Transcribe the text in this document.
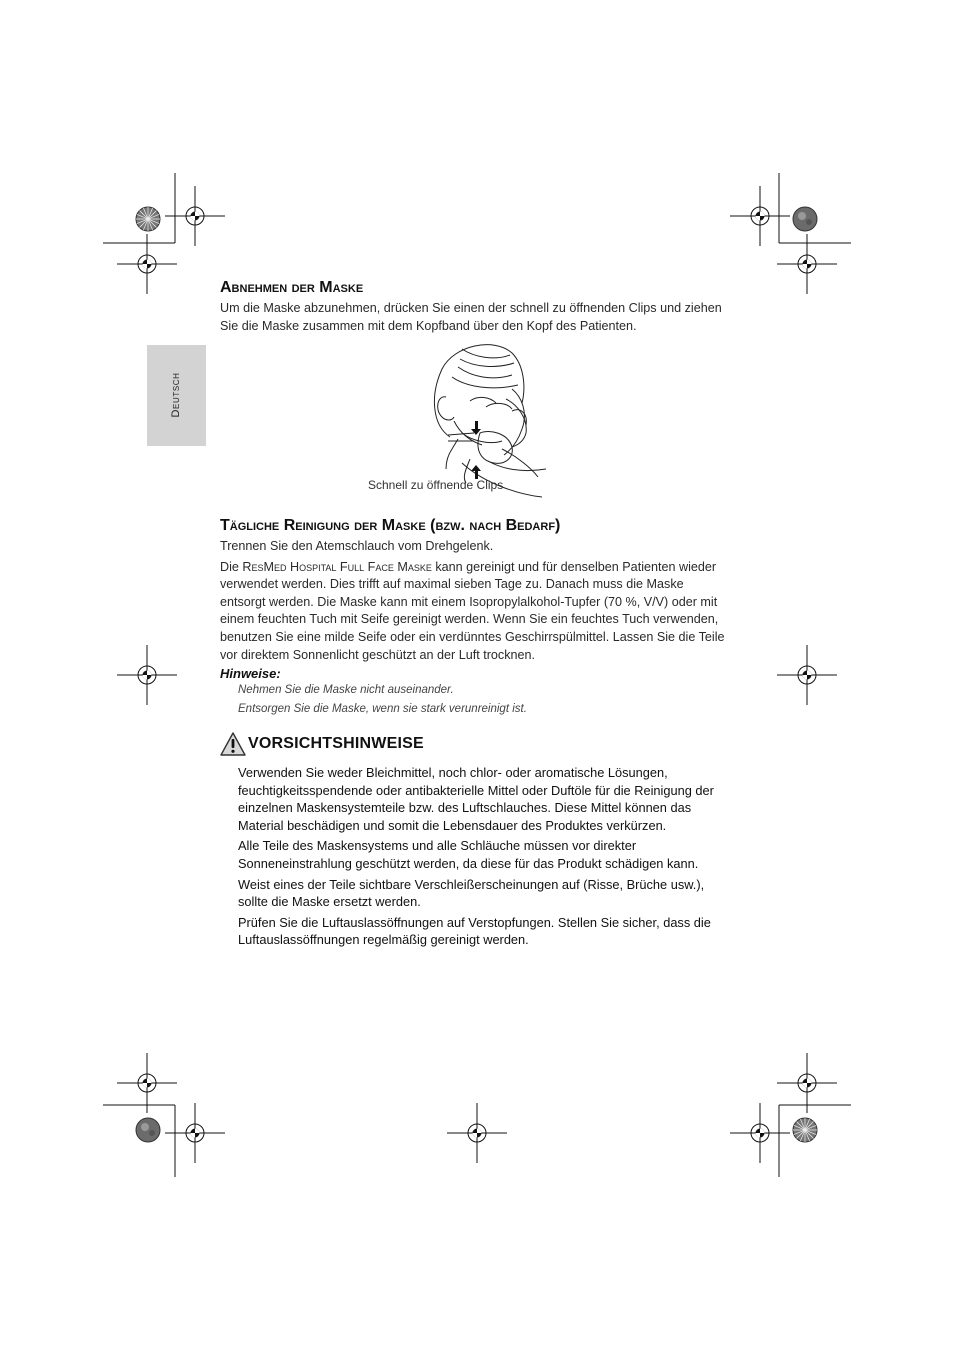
Deutsch
Abnehmen der Maske

Um die Maske abzunehmen, drücken Sie einen der schnell zu öffnenden Clips und ziehen Sie die Maske zusammen mit dem Kopfband über den Kopf des Patienten.

Schnell zu öffnende Clips
Tägliche Reinigung der Maske (bzw. nach Bedarf)

Trennen Sie den Atemschlauch vom Drehgelenk.

Die ResMed Hospital Full Face Maske kann gereinigt und für denselben Patienten wieder verwendet werden. Dies trifft auf maximal sieben Tage zu. Danach muss die Maske entsorgt werden. Die Maske kann mit einem Isopropylalkohol-Tupfer (70 %, V/V) oder mit einem feuchten Tuch mit Seife gereinigt werden. Wenn Sie ein feuchtes Tuch verwenden, benutzen Sie eine milde Seife oder ein verdünntes Geschirrspülmittel. Lassen Sie die Teile vor direktem Sonnenlicht geschützt an der Luft trocknen.

Hinweise:
Nehmen Sie die Maske nicht auseinander.
Entsorgen Sie die Maske, wenn sie stark verunreinigt ist.
VORSICHTSHINWEISE

Verwenden Sie weder Bleichmittel, noch chlor- oder aromatische Lösungen, feuchtigkeitsspendende oder antibakterielle Mittel oder Duftöle für die Reinigung der einzelnen Maskensystemteile bzw. des Luftschlauches. Diese Mittel können das Material beschädigen und somit die Lebensdauer des Produktes verkürzen.

Alle Teile des Maskensystems und alle Schläuche müssen vor direkter Sonneneinstrahlung geschützt werden, da diese für das Produkt schädigen kann.

Weist eines der Teile sichtbare Verschleißerscheinungen auf (Risse, Brüche usw.), sollte die Maske ersetzt werden.

Prüfen Sie die Luftauslassöffnungen auf Verstopfungen. Stellen Sie sicher, dass die Luftauslassöffnungen regelmäßig gereinigt werden.
